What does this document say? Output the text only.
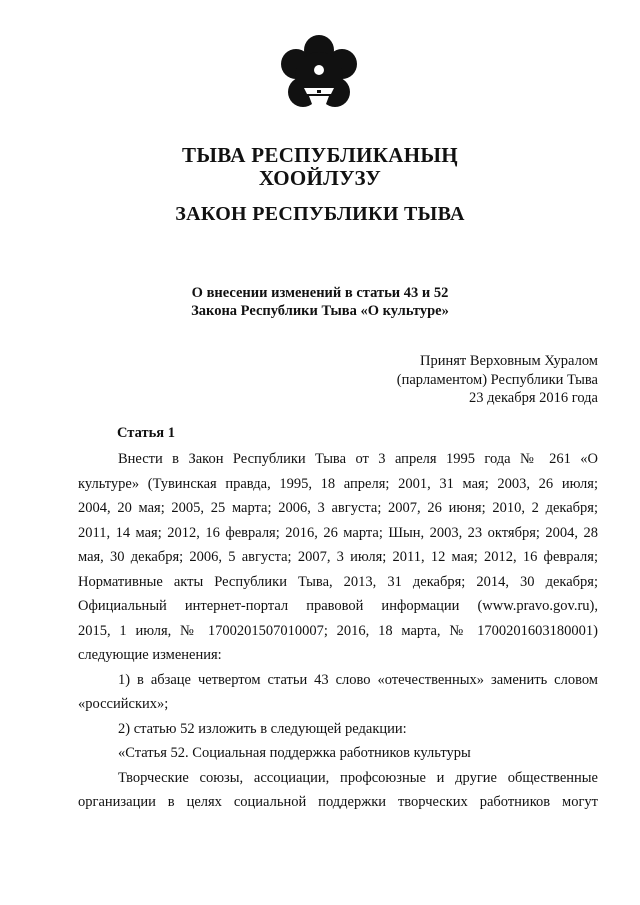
ТЫВА РЕСПУБЛИКАНЫҢ
ХООЙЛУЗУ
ЗАКОН РЕСПУБЛИКИ ТЫВА
О внесении изменений в статьи 43 и 52
Закона Республики Тыва «О культуре»
Принят Верховным Хуралом
(парламентом) Республики Тыва
23 декабря 2016 года
Статья 1
Внести в Закон Республики Тыва от 3 апреля 1995 года № 261 «О
культуре» (Тувинская правда, 1995, 18 апреля; 2001, 31 мая; 2003, 26 июля;
2004, 20 мая; 2005, 25 марта; 2006, 3 августа; 2007, 26 июня; 2010, 2 декабря;
2011, 14 мая; 2012, 16 февраля; 2016, 26 марта; Шын, 2003, 23 октября; 2004, 28
мая, 30 декабря; 2006, 5 августа; 2007, 3 июля; 2011, 12 мая; 2012, 16 февраля;
Нормативные акты Республики Тыва, 2013, 31 декабря; 2014, 30 декабря;
Официальный интернет-портал правовой информации (www.pravo.gov.ru),
2015, 1 июля, № 1700201507010007; 2016, 18 марта, № 1700201603180001)
следующие изменения:
1) в абзаце четвертом статьи 43 слово «отечественных» заменить словом
«российских»;
2) статью 52 изложить в следующей редакции:
«Статья 52. Социальная поддержка работников культуры
Творческие союзы, ассоциации, профсоюзные и другие общественные
организации в целях социальной поддержки творческих работников могут
